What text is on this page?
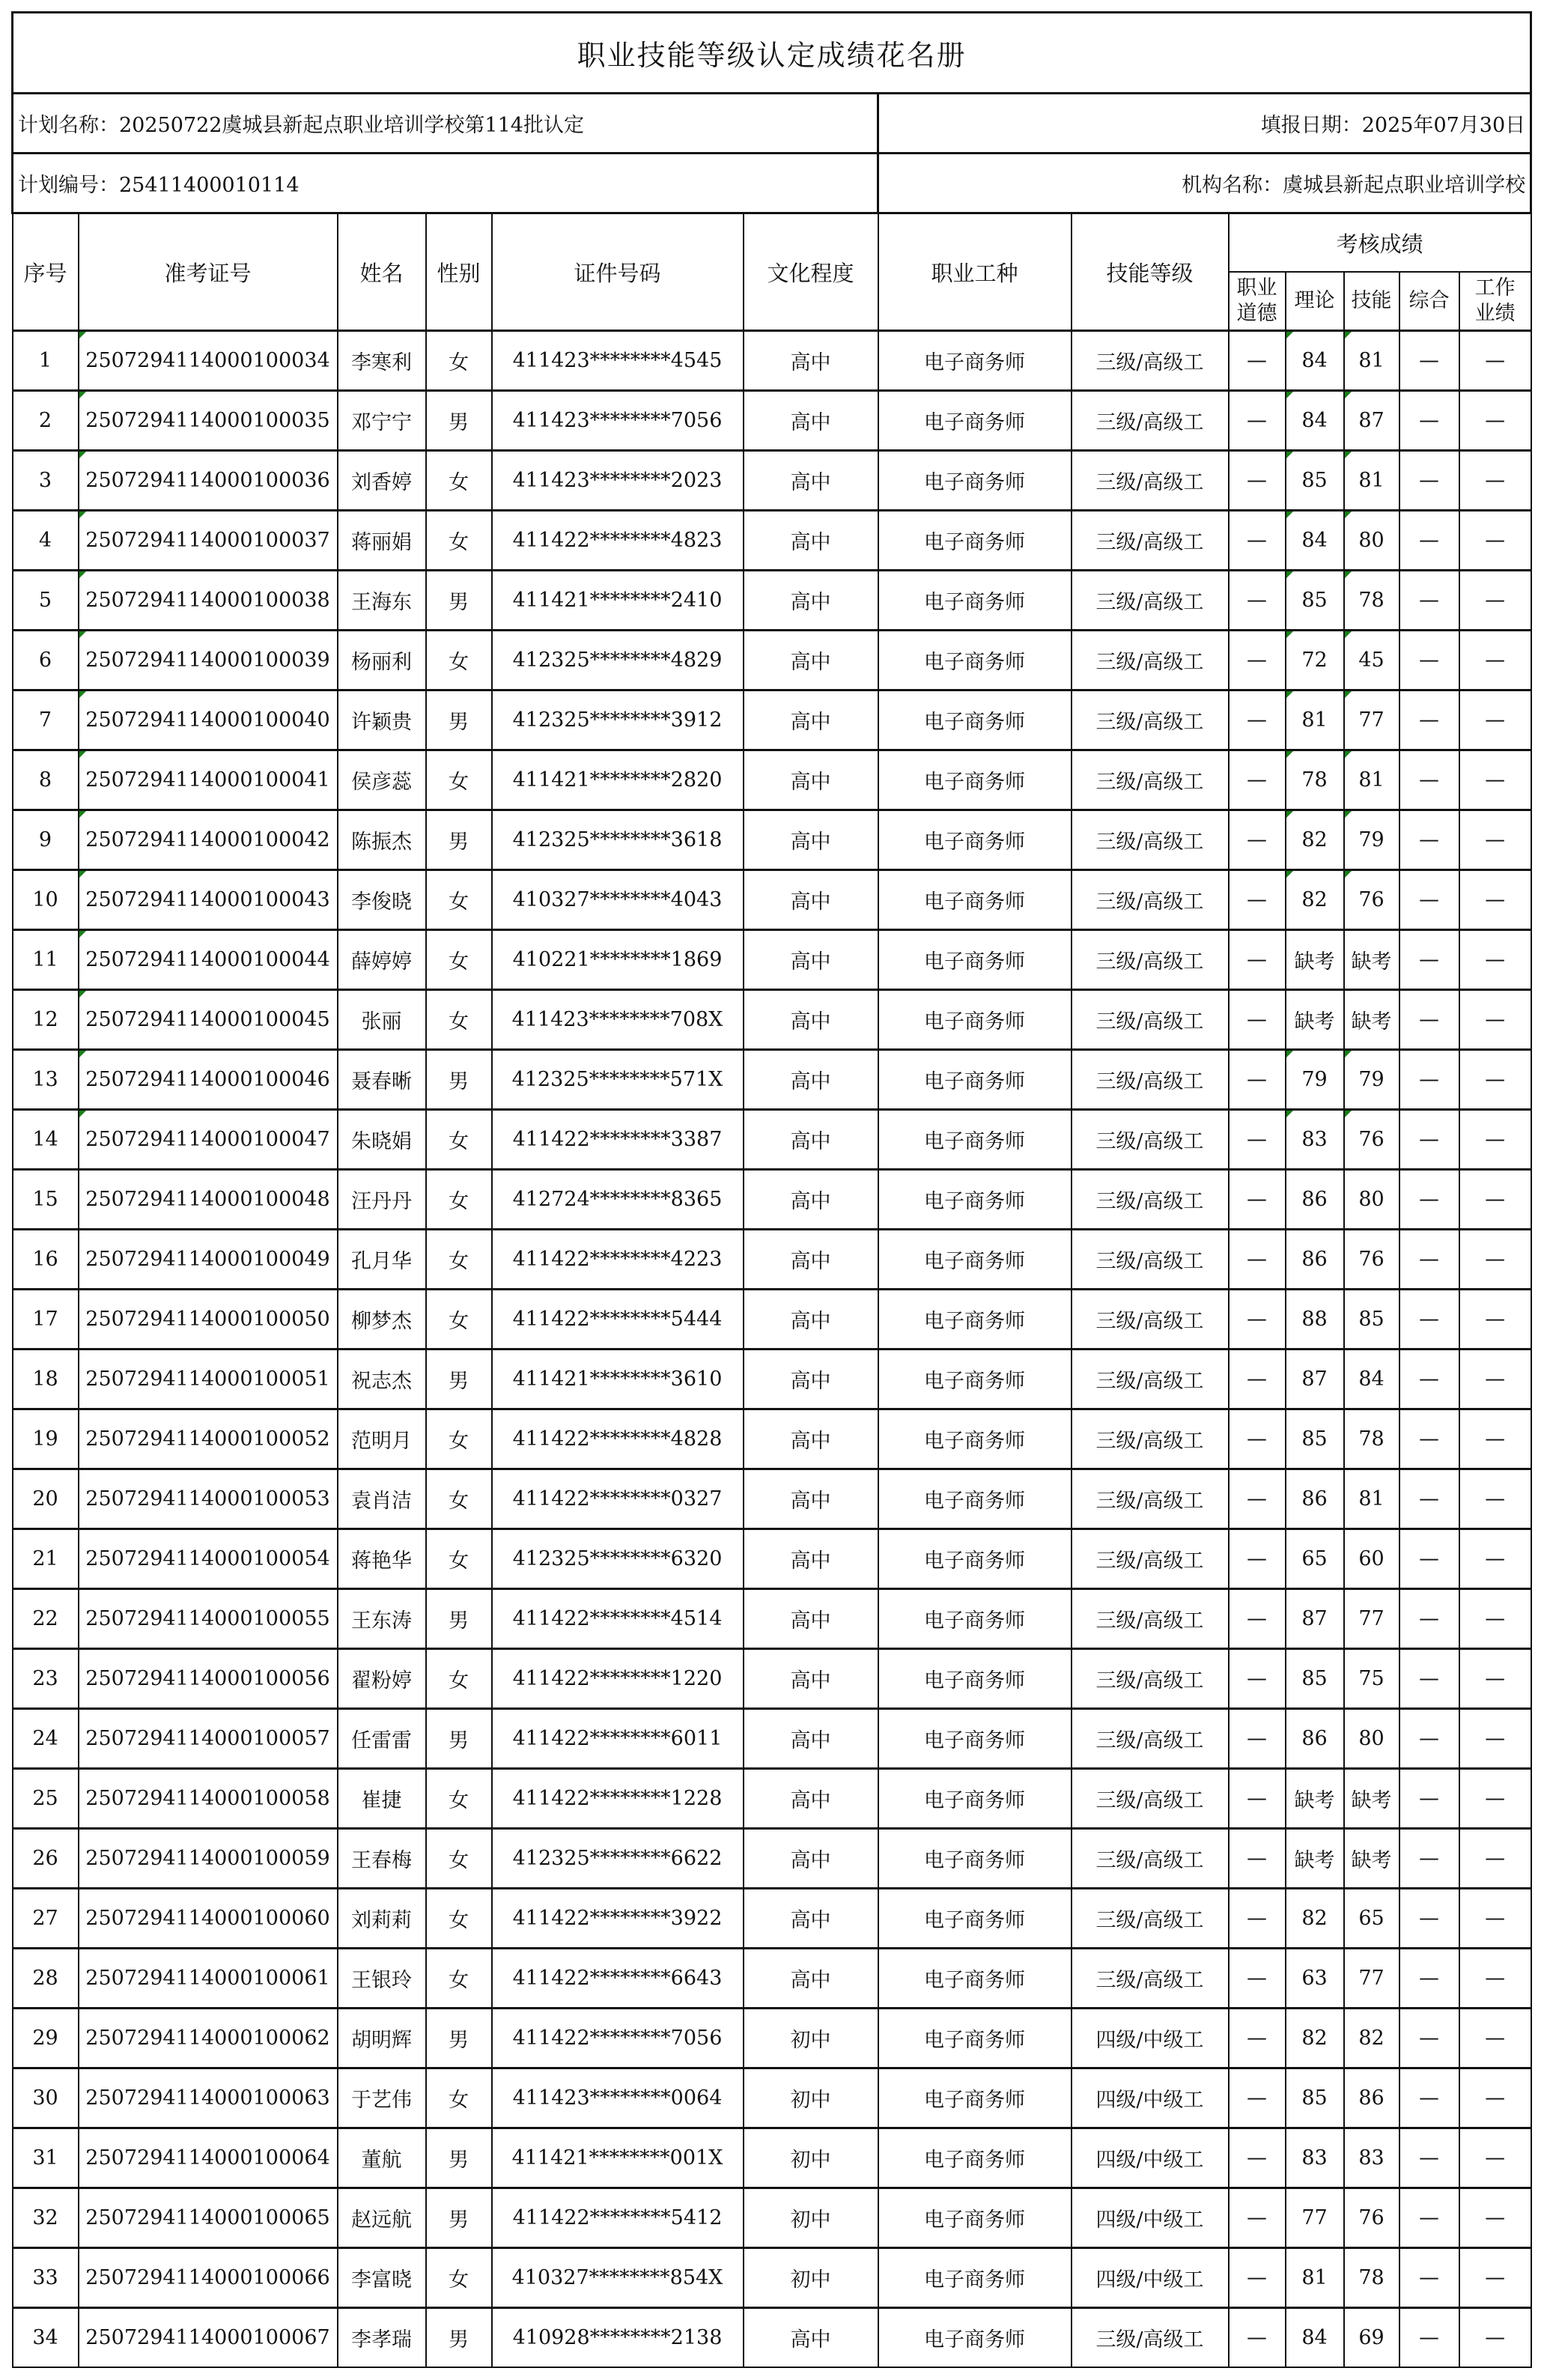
职业技能等级认定成绩花名册												
计划名称：20250722虞城县新起点职业培训学校第114批认定						填报日期：2025年07月30日						
计划编号：25411400010114						机构名称：虞城县新起点职业培训学校						
序号	准考证号	姓名	性别	证件号码	文化程度	职业工种	技能等级	考核成绩				
								职业道德	理论	技能	综合	工作业绩
1	2507294114000100034	李寒利	女	411423********4545	高中	电子商务师	三级/高级工	—	84	81	—	—
2	2507294114000100035	邓宁宁	男	411423********7056	高中	电子商务师	三级/高级工	—	84	87	—	—
3	2507294114000100036	刘香婷	女	411423********2023	高中	电子商务师	三级/高级工	—	85	81	—	—
4	2507294114000100037	蒋丽娟	女	411422********4823	高中	电子商务师	三级/高级工	—	84	80	—	—
5	2507294114000100038	王海东	男	411421********2410	高中	电子商务师	三级/高级工	—	85	78	—	—
6	2507294114000100039	杨丽利	女	412325********4829	高中	电子商务师	三级/高级工	—	72	45	—	—
7	2507294114000100040	许颖贵	男	412325********3912	高中	电子商务师	三级/高级工	—	81	77	—	—
8	2507294114000100041	侯彦蕊	女	411421********2820	高中	电子商务师	三级/高级工	—	78	81	—	—
9	2507294114000100042	陈振杰	男	412325********3618	高中	电子商务师	三级/高级工	—	82	79	—	—
10	2507294114000100043	李俊晓	女	410327********4043	高中	电子商务师	三级/高级工	—	82	76	—	—
11	2507294114000100044	薛婷婷	女	410221********1869	高中	电子商务师	三级/高级工	—	缺考	缺考	—	—
12	2507294114000100045	张丽	女	411423********708X	高中	电子商务师	三级/高级工	—	缺考	缺考	—	—
13	2507294114000100046	聂春晰	男	412325********571X	高中	电子商务师	三级/高级工	—	79	79	—	—
14	2507294114000100047	朱晓娟	女	411422********3387	高中	电子商务师	三级/高级工	—	83	76	—	—
15	2507294114000100048	汪丹丹	女	412724********8365	高中	电子商务师	三级/高级工	—	86	80	—	—
16	2507294114000100049	孔月华	女	411422********4223	高中	电子商务师	三级/高级工	—	86	76	—	—
17	2507294114000100050	柳梦杰	女	411422********5444	高中	电子商务师	三级/高级工	—	88	85	—	—
18	2507294114000100051	祝志杰	男	411421********3610	高中	电子商务师	三级/高级工	—	87	84	—	—
19	2507294114000100052	范明月	女	411422********4828	高中	电子商务师	三级/高级工	—	85	78	—	—
20	2507294114000100053	袁肖洁	女	411422********0327	高中	电子商务师	三级/高级工	—	86	81	—	—
21	2507294114000100054	蒋艳华	女	412325********6320	高中	电子商务师	三级/高级工	—	65	60	—	—
22	2507294114000100055	王东涛	男	411422********4514	高中	电子商务师	三级/高级工	—	87	77	—	—
23	2507294114000100056	翟粉婷	女	411422********1220	高中	电子商务师	三级/高级工	—	85	75	—	—
24	2507294114000100057	任雷雷	男	411422********6011	高中	电子商务师	三级/高级工	—	86	80	—	—
25	2507294114000100058	崔捷	女	411422********1228	高中	电子商务师	三级/高级工	—	缺考	缺考	—	—
26	2507294114000100059	王春梅	女	412325********6622	高中	电子商务师	三级/高级工	—	缺考	缺考	—	—
27	2507294114000100060	刘莉莉	女	411422********3922	高中	电子商务师	三级/高级工	—	82	65	—	—
28	2507294114000100061	王银玲	女	411422********6643	高中	电子商务师	三级/高级工	—	63	77	—	—
29	2507294114000100062	胡明辉	男	411422********7056	初中	电子商务师	四级/中级工	—	82	82	—	—
30	2507294114000100063	于艺伟	女	411423********0064	初中	电子商务师	四级/中级工	—	85	86	—	—
31	2507294114000100064	董航	男	411421********001X	初中	电子商务师	四级/中级工	—	83	83	—	—
32	2507294114000100065	赵远航	男	411422********5412	初中	电子商务师	四级/中级工	—	77	76	—	—
33	2507294114000100066	李富晓	女	410327********854X	初中	电子商务师	四级/中级工	—	81	78	—	—
34	2507294114000100067	李孝瑞	男	410928********2138	高中	电子商务师	三级/高级工	—	84	69	—	—
